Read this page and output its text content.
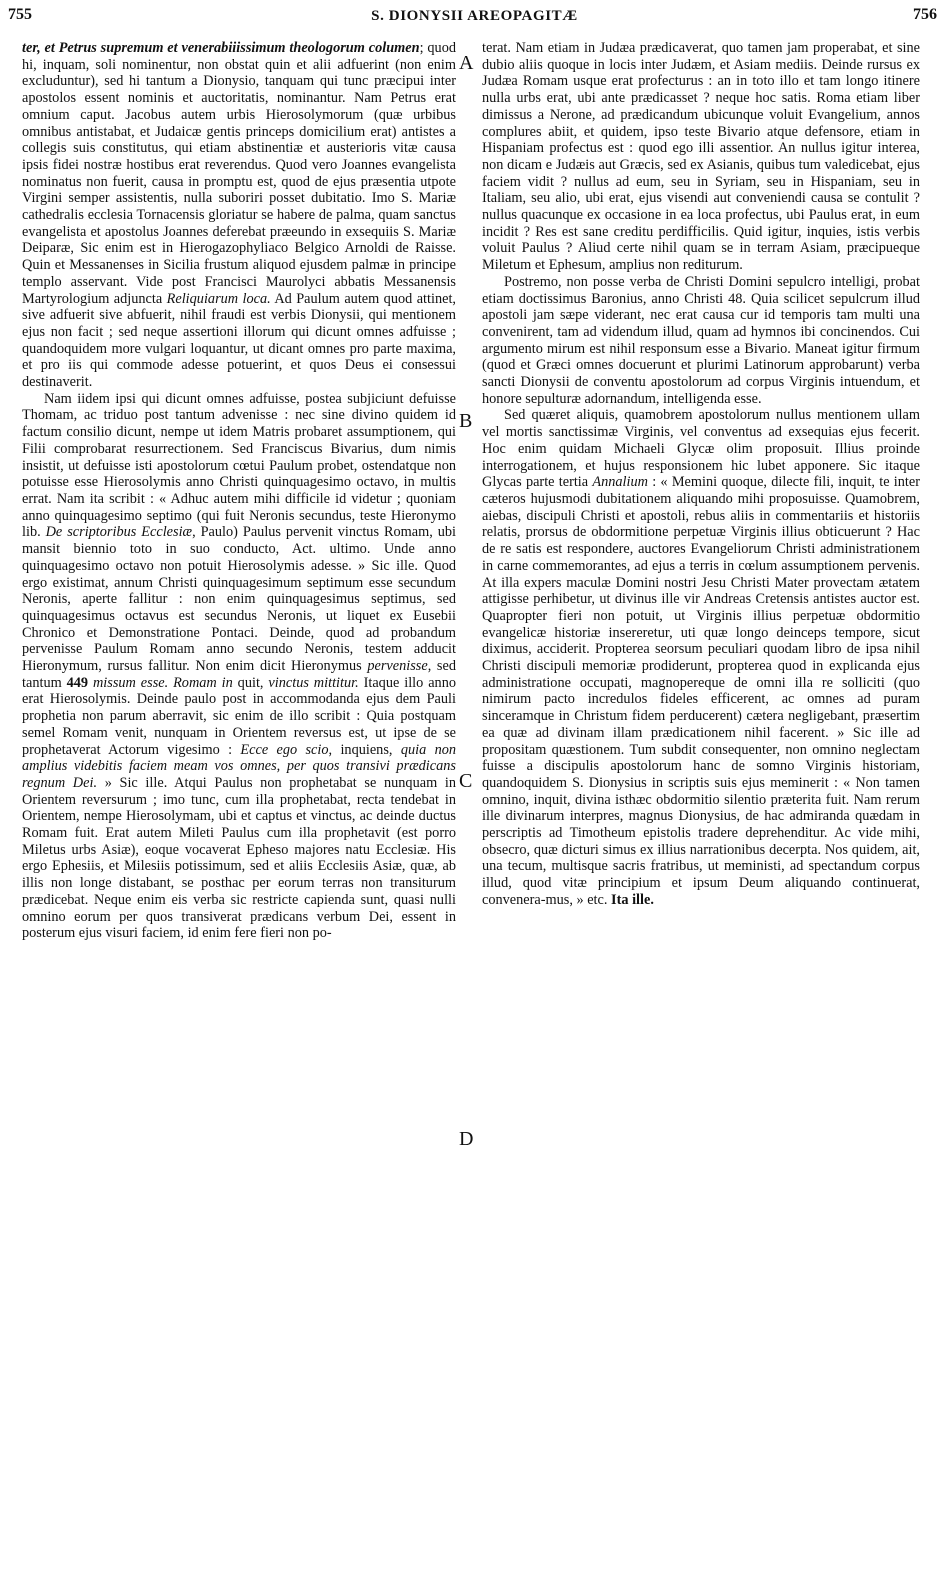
755	S. DIONYSII AREOPAGITÆ	756
A
B
C
D

ter, et Petrus supremum et venerabiiissimum theologorum columen; quod hi, inquam, soli nominentur, non obstat quin et alii adfuerint (non enim excluduntur), sed hi tantum a Dionysio, tanquam qui tunc præcipui inter apostolos essent nominis et auctoritatis, nominantur. Nam Petrus erat omnium caput. Jacobus autem urbis Hierosolymorum (quæ urbibus omnibus antistabat, et Judaicæ gentis princeps domicilium erat) antistes a collegis suis constitutus, qui etiam abstinentiæ et austerioris vitæ causa ipsis fidei nostræ hostibus erat reverendus. Quod vero Joannes evangelista nominatus non fuerit, causa in promptu est, quod de ejus præsentia utpote Virgini semper assistentis, nulla suboriri posset dubitatio. Imo S. Mariæ cathedralis ecclesia Tornacensis gloriatur se habere de palma, quam sanctus evangelista et apostolus Joannes deferebat præeundo in exsequiis S. Mariæ Deiparæ, Sic enim est in Hierogazophyliaco Belgico Arnoldi de Raisse. Quin et Messanenses in Sicilia frustum aliquod ejusdem palmæ in principe templo asservant. Vide post Francisci Maurolyci abbatis Messanensis Martyrologium adjuncta Reliquiarum loca. Ad Paulum autem quod attinet, sive adfuerit sive abfuerit, nihil fraudi est verbis Dionysii, qui mentionem ejus non facit ; sed neque assertioni illorum qui dicunt omnes adfuisse ; quandoquidem more vulgari loquantur, ut dicant omnes pro parte maxima, et pro iis qui commode adesse potuerint, et quos Deus ei consessui destinaverit.

Nam iidem ipsi qui dicunt omnes adfuisse, postea subjiciunt defuisse Thomam, ac triduo post tantum advenisse : nec sine divino quidem id factum consilio dicunt, nempe ut idem Matris probaret assumptionem, qui Filii comprobarat resurrectionem. Sed Franciscus Bivarius, dum nimis insistit, ut defuisse isti apostolorum cœtui Paulum probet, ostendatque non potuisse esse Hierosolymis anno Christi quinquagesimo octavo, in multis errat. Nam ita scribit : « Adhuc autem mihi difficile id videtur ; quoniam anno quinquagesimo septimo (qui fuit Neronis secundus, teste Hieronymo lib. De scriptoribus Ecclesiæ, Paulo) Paulus pervenit vinctus Romam, ubi mansit biennio toto in suo conducto, Act. ultimo. Unde anno quinquagesimo octavo non potuit Hierosolymis adesse. » Sic ille. Quod ergo existimat, annum Christi quinquagesimum septimum esse secundum Neronis, aperte fallitur : non enim quinquagesimus septimus, sed quinquagesimus octavus est secundus Neronis, ut liquet ex Eusebii Chronico et Demonstratione Pontaci. Deinde, quod ad probandum pervenisse Paulum Romam anno secundo Neronis, testem adducit Hieronymum, rursus fallitur. Non enim dicit Hieronymus pervenisse, sed tantum 449 missum esse. Romam in quit, vinctus mittitur. Itaque illo anno erat Hierosolymis. Deinde paulo post in accommodanda ejus dem Pauli prophetia non parum aberravit, sic enim de illo scribit : Quia postquam semel Romam venit, nunquam in Orientem reversus est, ut ipse de se prophetaverat Actorum vigesimo : Ecce ego scio, inquiens, quia non amplius videbitis faciem meam vos omnes, per quos transivi prædicans regnum Dei. » Sic ille. Atqui Paulus non prophetabat se nunquam in Orientem reversurum ; imo tunc, cum illa prophetabat, recta tendebat in Orientem, nempe Hierosolymam, ubi et captus et vinctus, ac deinde ductus Romam fuit. Erat autem Mileti Paulus cum illa prophetavit (est porro Miletus urbs Asiæ), eoque vocaverat Epheso majores natu Ecclesiæ. His ergo Ephesiis, et Milesiis potissimum, sed et aliis Ecclesiis Asiæ, quæ, ab illis non longe distabant, se posthac per eorum terras non transiturum prædicebat. Neque enim eis verba sic restricte capienda sunt, quasi nulli omnino eorum per quos transiverat prædicans verbum Dei, essent in posterum ejus visuri faciem, id enim fere fieri non po-

terat. Nam etiam in Judæa prædicaverat, quo tamen jam properabat, et sine dubio aliis quoque in locis inter Judæm, et Asiam mediis. Deinde rursus ex Judæa Romam usque erat profecturus : an in toto illo et tam longo itinere nulla urbs erat, ubi ante prædicasset ? neque hoc satis. Roma etiam liber dimissus a Nerone, ad prædicandum ubicunque voluit Evangelium, annos complures abiit, et quidem, ipso teste Bivario atque defensore, etiam in Hispaniam profectus est : quod ego illi assentior. An nullus igitur interea, non dicam e Judæis aut Græcis, sed ex Asianis, quibus tum valedicebat, ejus faciem vidit ? nullus ad eum, seu in Syriam, seu in Hispaniam, seu in Italiam, seu alio, ubi erat, ejus visendi aut conveniendi causa se contulit ? nullus quacunque ex occasione in ea loca profectus, ubi Paulus erat, in eum incidit ? Res est sane creditu perdifficilis. Quid igitur, inquies, istis verbis voluit Paulus ? Aliud certe nihil quam se in terram Asiam, præcipueque Miletum et Ephesum, amplius non rediturum.

Postremo, non posse verba de Christi Domini sepulcro intelligi, probat etiam doctissimus Baronius, anno Christi 48. Quia scilicet sepulcrum illud apostoli jam sæpe viderant, nec erat causa cur id temporis tam multi una convenirent, tam ad videndum illud, quam ad hymnos ibi concinendos. Cui argumento mirum est nihil responsum esse a Bivario. Maneat igitur firmum (quod et Græci omnes docuerunt et plurimi Latinorum approbarunt) verba sancti Dionysii de conventu apostolorum ad corpus Virginis intuendum, et honore sepulturæ adornandum, intelligenda esse.

Sed quæret aliquis, quamobrem apostolorum nullus mentionem ullam vel mortis sanctissimæ Virginis, vel conventus ad exsequias ejus fecerit. Hoc enim quidam Michaeli Glycæ olim proposuit. Illius proinde interrogationem, et hujus responsionem hic lubet apponere. Sic itaque Glycas parte tertia Annalium : « Memini quoque, dilecte fili, inquit, te inter cæteros hujusmodi dubitationem aliquando mihi proposuisse. Quamobrem, aiebas, discipuli Christi et apostoli, rebus aliis in commentariis et historiis relatis, prorsus de obdormitione perpetuæ Virginis illius obticuerunt ? Hac de re satis est respondere, auctores Evangeliorum Christi administrationem in carne commemorantes, ad ejus a terris in cœlum assumptionem pervenis. At illa expers maculæ Domini nostri Jesu Christi Mater provectam ætatem attigisse perhibetur, ut divinus ille vir Andreas Cretensis antistes auctor est. Quapropter fieri non potuit, ut Virginis illius perpetuæ obdormitio evangelicæ historiæ insereretur, uti quæ longo deinceps tempore, sicut diximus, acciderit. Propterea seorsum peculiari quodam libro de ipsa nihil Christi discipuli memoriæ prodiderunt, propterea quod in explicanda ejus administratione occupati, magnopereque de omni illa re solliciti (quo nimirum pacto incredulos fideles efficerent, ac omnes ad puram sinceramque in Christum fidem perducerent) cætera negligebant, præsertim ea quæ ad divinam illam prædicationem nihil facerent. » Sic ille ad propositam quæstionem. Tum subdit consequenter, non omnino neglectam fuisse a discipulis apostolorum hanc de somno Virginis historiam, quandoquidem S. Dionysius in scriptis suis ejus meminerit : « Non tamen omnino, inquit, divina isthæc obdormitio silentio præterita fuit. Nam rerum ille divinarum interpres, magnus Dionysius, de hac admiranda quædam in perscriptis ad Timotheum epistolis tradere deprehenditur. Ac vide mihi, obsecro, quæ dicturi simus ex illius narrationibus decerpta. Nos quidem, ait, una tecum, multisque sacris fratribus, ut meministi, ad spectandum corpus illud, quod vitæ principium et ipsum Deum aliquando continuerat, convenera-mus, » etc. Ita ille.
